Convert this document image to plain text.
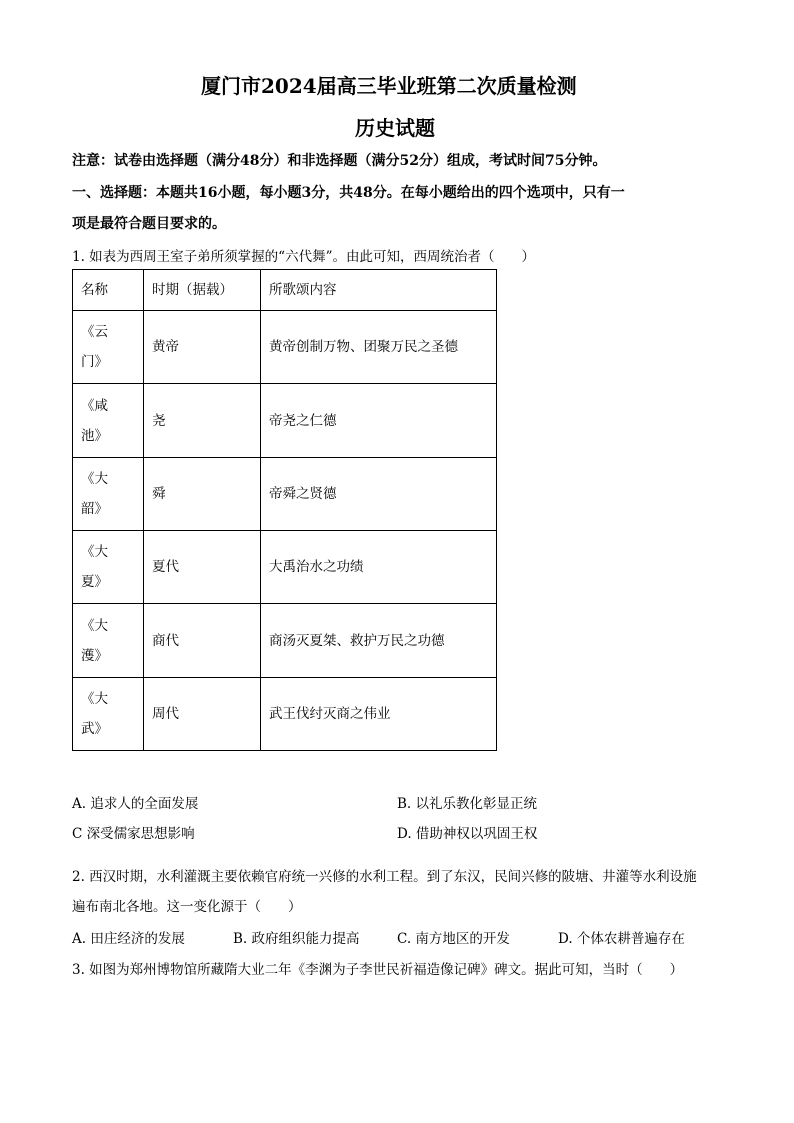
厦门市2024届高三毕业班第二次质量检测
历史试题
注意：试卷由选择题（满分48分）和非选择题（满分52分）组成，考试时间75分钟。
一、选择题：本题共16小题，每小题3分，共48分。在每小题给出的四个选项中，只有一
项是最符合题目要求的。
1. 如表为西周王室子弟所须掌握的“六代舞”。由此可知，西周统治者（　　）
名称	时期（据载）	所歌颂内容

《云
门》	黄帝	黄帝创制万物、团聚万民之圣德

《咸
池》	尧	帝尧之仁德

《大
韶》	舜	帝舜之贤德

《大
夏》	夏代	大禹治水之功绩

《大
濩》	商代	商汤灭夏桀、救护万民之功德

《大
武》	周代	武王伐纣灭商之伟业
A. 追求人的全面发展	B. 以礼乐教化彰显正统
C 深受儒家思想影响	D. 借助神权以巩固王权
2. 西汉时期，水利灌溉主要依赖官府统一兴修的水利工程。到了东汉，民间兴修的陂塘、井灌等水利设施
遍布南北各地。这一变化源于（　　）
A. 田庄经济的发展	B. 政府组织能力提高	C. 南方地区的开发	D. 个体农耕普遍存在
3. 如图为郑州博物馆所藏隋大业二年《李渊为子李世民祈福造像记碑》碑文。据此可知，当时（　　）
